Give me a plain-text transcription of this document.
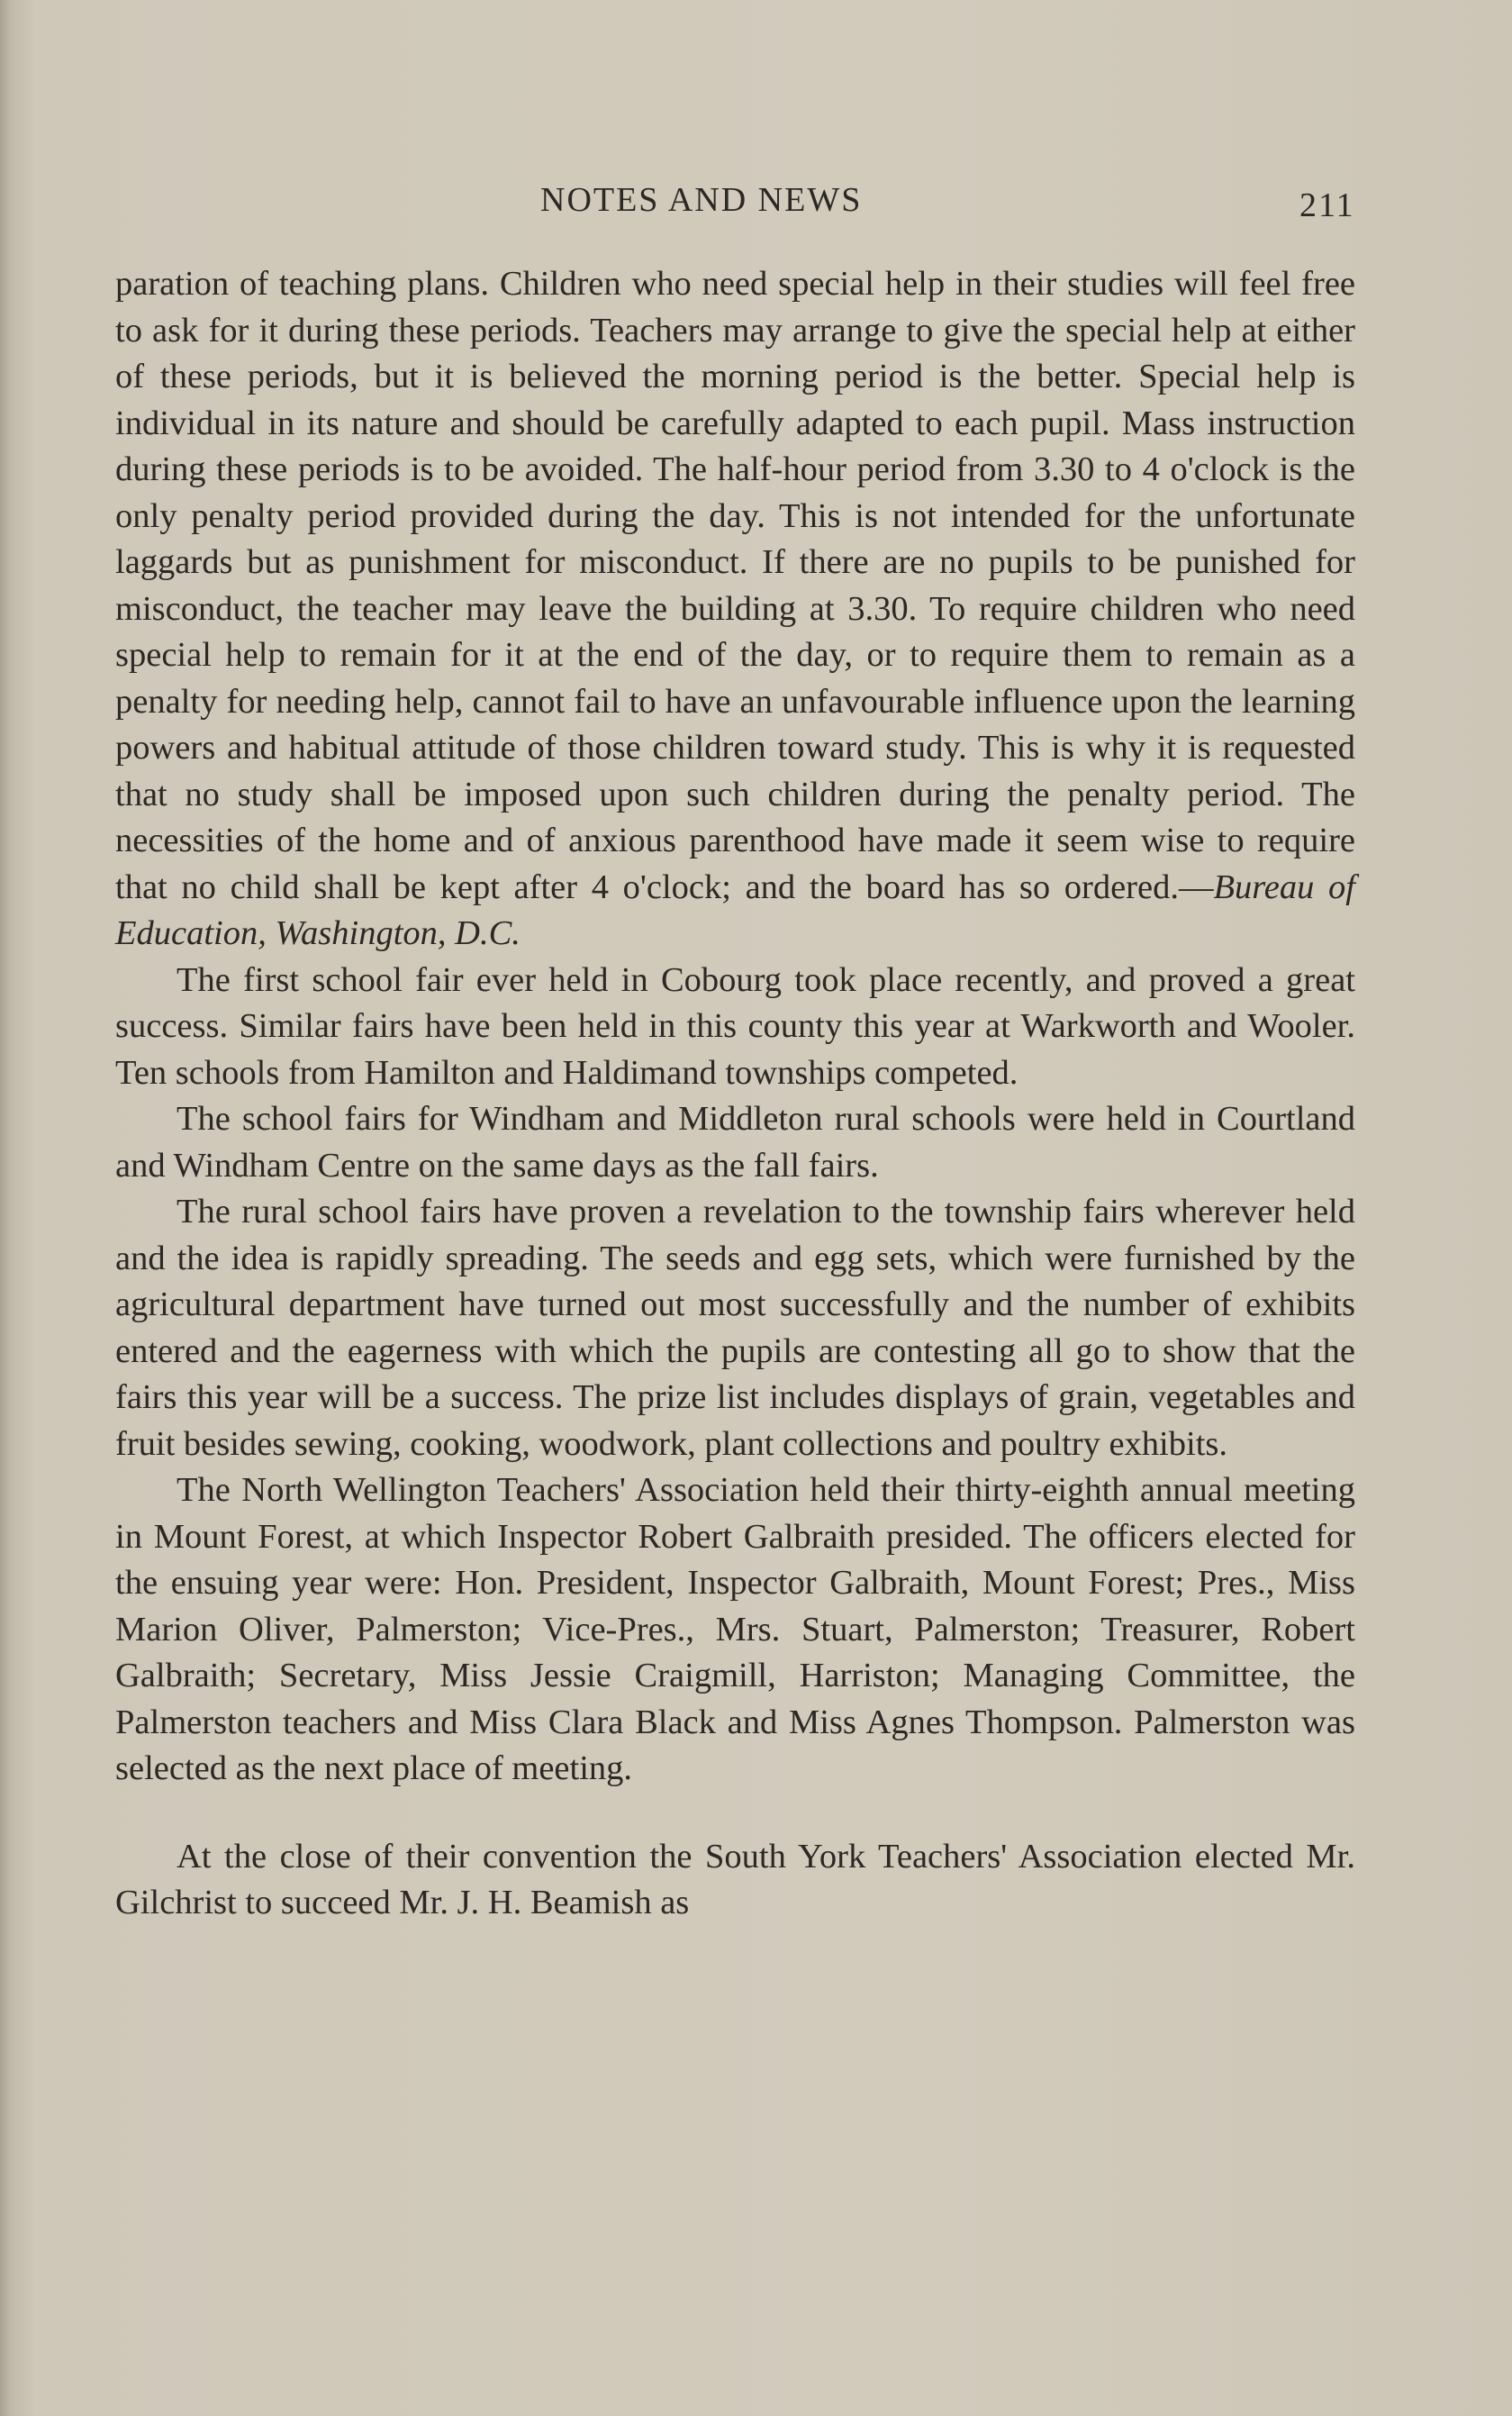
NOTES AND NEWS	211

paration of teaching plans. Children who need special help in their studies will feel free to ask for it during these periods. Teachers may arrange to give the special help at either of these periods, but it is believed the morning period is the better. Special help is individual in its nature and should be carefully adapted to each pupil. Mass instruction during these periods is to be avoided. The half-hour period from 3.30 to 4 o'clock is the only penalty period provided during the day. This is not intended for the unfortunate laggards but as punishment for misconduct. If there are no pupils to be punished for misconduct, the teacher may leave the building at 3.30. To require children who need special help to remain for it at the end of the day, or to require them to remain as a penalty for needing help, cannot fail to have an unfavourable influence upon the learning powers and habitual attitude of those children toward study. This is why it is requested that no study shall be imposed upon such children during the penalty period. The necessities of the home and of anxious parenthood have made it seem wise to require that no child shall be kept after 4 o'clock; and the board has so ordered.—Bureau of Education, Washington, D.C.

The first school fair ever held in Cobourg took place recently, and proved a great success. Similar fairs have been held in this county this year at Warkworth and Wooler. Ten schools from Hamilton and Haldimand townships competed.

The school fairs for Windham and Middleton rural schools were held in Courtland and Windham Centre on the same days as the fall fairs.

The rural school fairs have proven a revelation to the township fairs wherever held and the idea is rapidly spreading. The seeds and egg sets, which were furnished by the agricultural department have turned out most successfully and the number of exhibits entered and the eagerness with which the pupils are contesting all go to show that the fairs this year will be a success. The prize list includes displays of grain, vegetables and fruit besides sewing, cooking, woodwork, plant collections and poultry exhibits.

The North Wellington Teachers' Association held their thirty-eighth annual meeting in Mount Forest, at which Inspector Robert Galbraith presided. The officers elected for the ensuing year were: Hon. President, Inspector Galbraith, Mount Forest; Pres., Miss Marion Oliver, Palmerston; Vice-Pres., Mrs. Stuart, Palmerston; Treasurer, Robert Galbraith; Secretary, Miss Jessie Craigmill, Harriston; Managing Committee, the Palmerston teachers and Miss Clara Black and Miss Agnes Thompson. Palmerston was selected as the next place of meeting.

At the close of their convention the South York Teachers' Association elected Mr. Gilchrist to succeed Mr. J. H. Beamish as
